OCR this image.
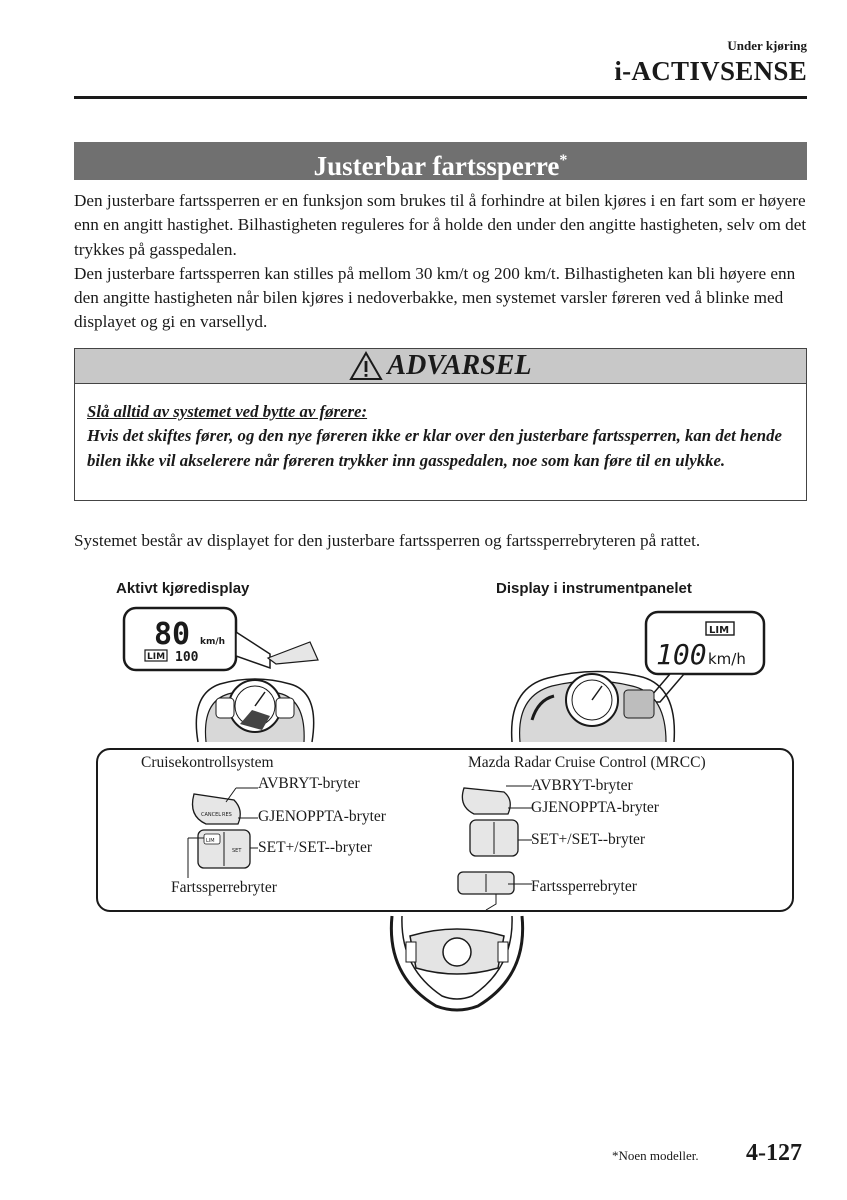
Under kjøring
i-ACTIVSENSE
Justerbar fartssperre*

Den justerbare fartssperren er en funksjon som brukes til å forhindre at bilen kjøres i en fart som er høyere enn en angitt hastighet. Bilhastigheten reguleres for å holde den under den angitte hastigheten, selv om det trykkes på gasspedalen.

Den justerbare fartssperren kan stilles på mellom 30 km/t og 200 km/t. Bilhastigheten kan bli høyere enn den angitte hastigheten når bilen kjøres i nedoverbakke, men systemet varsler føreren ved å blinke med displayet og gi en varsellyd.

ADVARSEL
Slå alltid av systemet ved bytte av førere:
Hvis det skiftes fører, og den nye føreren ikke er klar over den justerbare fartssperren, kan det hende bilen ikke vil akselerere når føreren trykker inn gasspedalen, noe som kan føre til en ulykke.
Systemet består av displayet for den justerbare fartssperren og fartssperrebryteren på rattet.
Aktivt kjøredisplay	Display i instrumentpanelet
80 km/h
LIM 100
LIM
100 km/h
Cruisekontrollsystem
AVBRYT-bryter
GJENOPPTA-bryter
SET+/SET--bryter
Fartssperrebryter
CANCEL RES
LIM
SET
Mazda Radar Cruise Control (MRCC)
AVBRYT-bryter
GJENOPPTA-bryter
SET+/SET--bryter
Fartssperrebryter
*Noen modeller. 4-127
